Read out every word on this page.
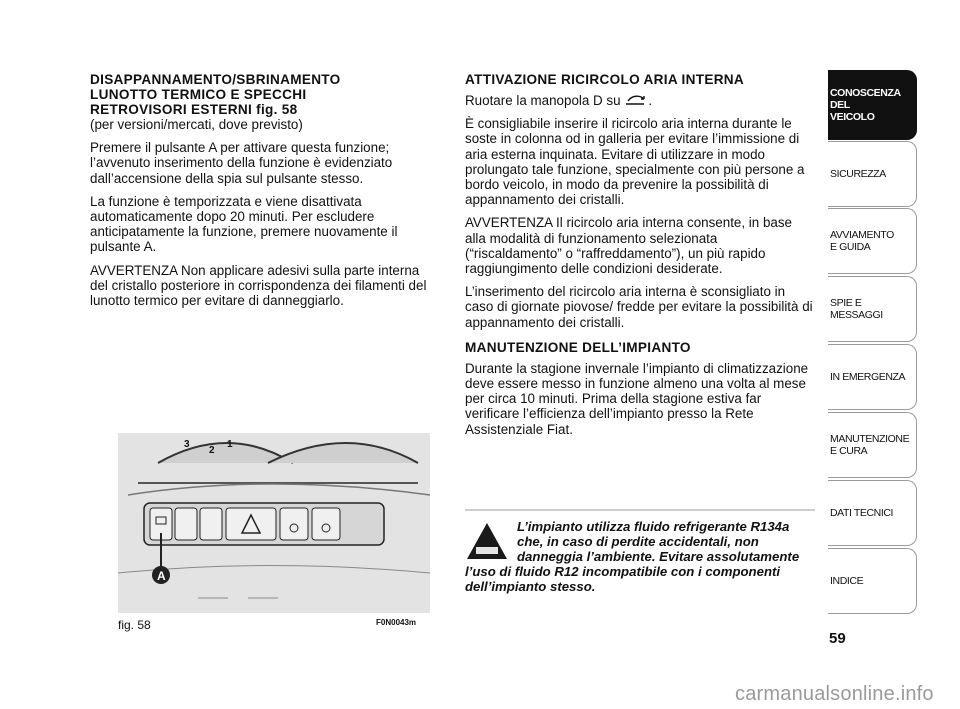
DISAPPANNAMENTO/SBRINAMENTO
LUNOTTO TERMICO E SPECCHI
RETROVISORI ESTERNI fig. 58

(per versioni/mercati, dove previsto)

Premere il pulsante A per attivare questa funzione; l’avvenuto inserimento della funzione è evidenziato dall’accensione della spia sul pulsante stesso.

La funzione è temporizzata e viene disattivata automaticamente dopo 20 minuti. Per escludere anticipatamente la funzione, premere nuovamente il pulsante A.

AVVERTENZA Non applicare adesivi sulla parte interna del cristallo posteriore in corrispondenza dei filamenti del lunotto termico per evitare di danneggiarlo.

ATTIVAZIONE RICIRCOLO ARIA INTERNA

Ruotare la manopola D su .

È consigliabile inserire il ricircolo aria interna durante le soste in colonna od in galleria per evitare l’immissione di aria esterna inquinata. Evitare di utilizzare in modo prolungato tale funzione, specialmente con più persone a bordo veicolo, in modo da prevenire la possibilità di appannamento dei cristalli.

AVVERTENZA Il ricircolo aria interna consente, in base alla modalità di funzionamento selezionata (“riscaldamento” o “raffreddamento”), un più rapido raggiungimento delle condizioni desiderate.

L’inserimento del ricircolo aria interna è sconsigliato in caso di giornate piovose/ fredde per evitare la possibilità di appannamento dei cristalli.

MANUTENZIONE DELL’IMPIANTO

Durante la stagione invernale l’impianto di climatizzazione deve essere messo in funzione almeno una volta al mese per circa 10 minuti. Prima della stagione estiva far verificare l’efficienza dell’impianto presso la Rete Assistenziale Fiat.

A
3
2
1
fig. 58	F0N0043m
L’impianto utilizza fluido refrigerante R134a che, in caso di perdite accidentali, non danneggia l’ambiente. Evitare assolutamente l’uso di fluido R12 incompatibile con i componenti dell’impianto stesso.
CONOSCENZA
DEL
VEICOLO
SICUREZZA
AVVIAMENTO
E GUIDA
SPIE E
MESSAGGI
IN EMERGENZA
MANUTENZIONE
E CURA
DATI TECNICI
INDICE
59
carmanualsonline.info
